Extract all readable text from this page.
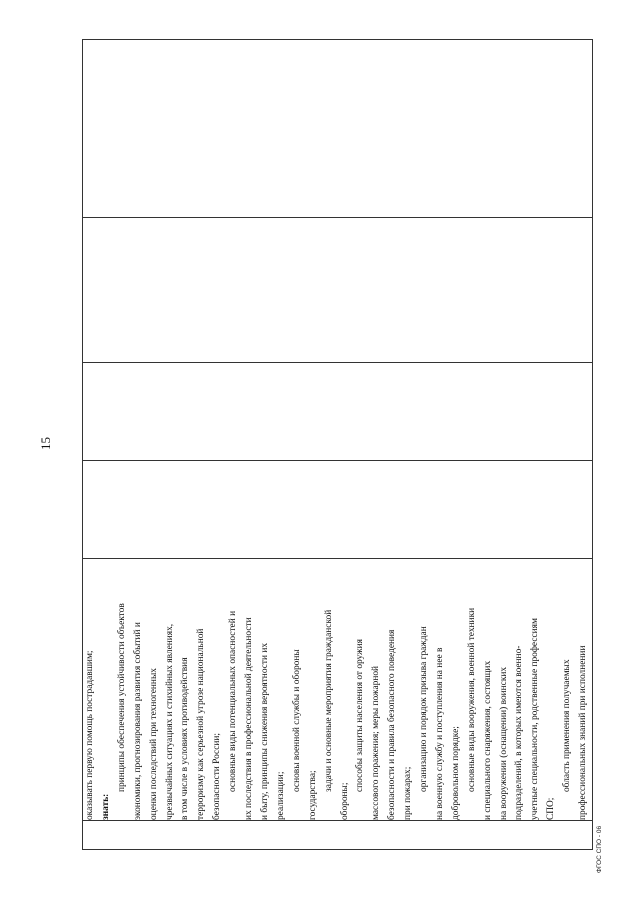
15

оказывать первую помощь пострадавшим; знать:
принципы обеспечения устойчивости объектов экономики, прогнозирования развития событий и оценки последствий при техногенных чрезвычайных ситуациях и стихийных явлениях, в том числе в условиях противодействия терроризму как серьезной угрозе национальной безопасности России; основные виды потенциальных опасностей и их последствия в профессиональной деятельности и быту, принципы снижения вероятности их реализации;
основы военной службы и обороны
государства;
задачи и основные мероприятия гражданской
обороны;
способы защиты населения от оружия массового поражения; меры пожарной безопасности и правила безопасного поведения при пожарах;
организацию и порядок призыва граждан на военную службу и поступления на нее в добровольном порядке; основные виды вооружения, военной техники и специального снаряжения, состоящих на вооружении (оснащении) воинских подразделений, в которых имеются военно- учетные специальности, родственные профессиям СПО;
область применения получаемых профессиональных знаний при исполнении

ФГОС СПО - 06
